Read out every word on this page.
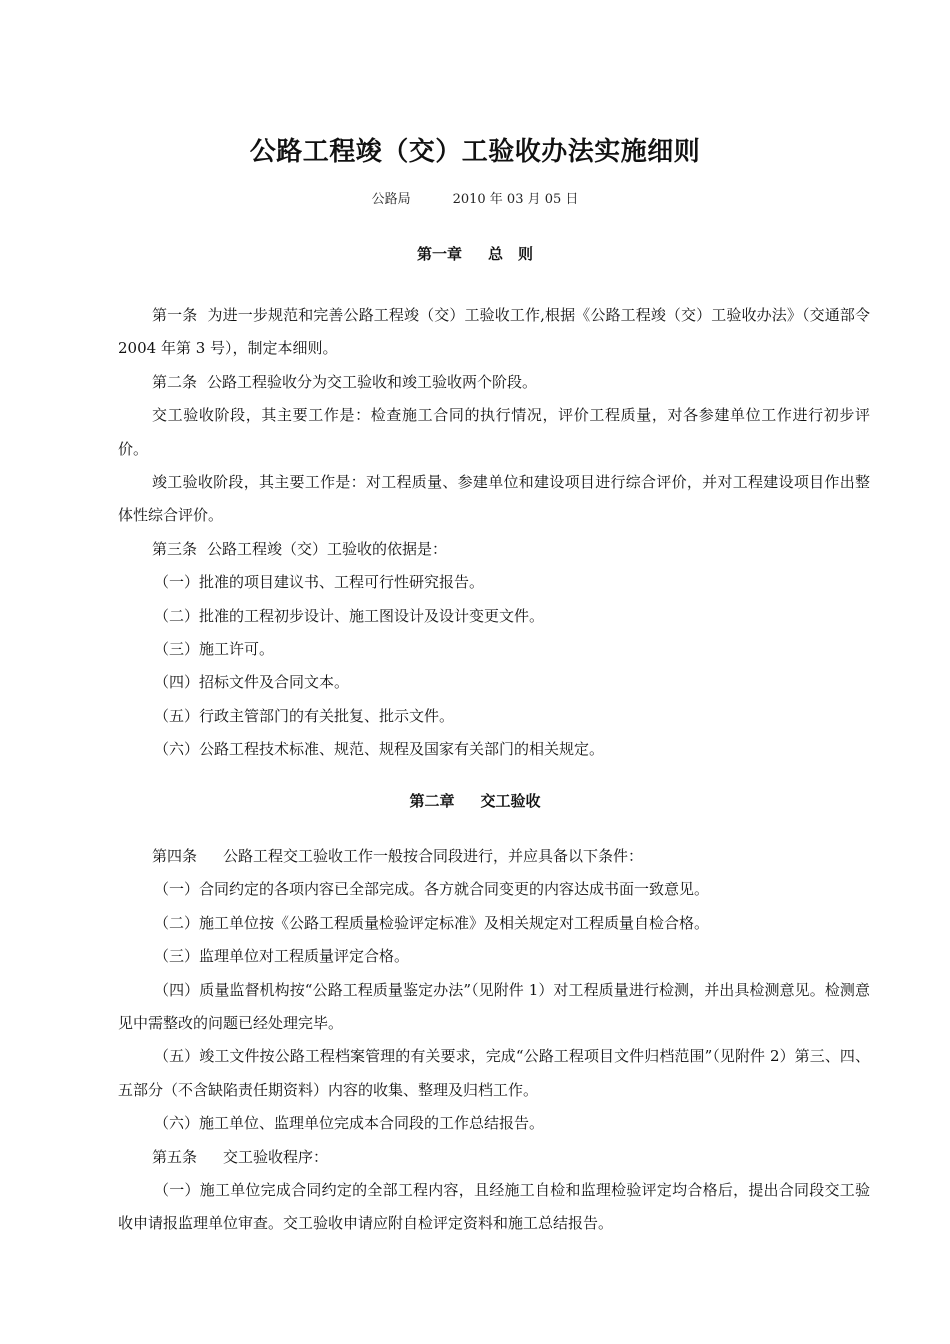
公路工程竣（交）工验收办法实施细则
公路局	2010 年 03 月 05 日
第一章 总　则

第一条 为进一步规范和完善公路工程竣（交）工验收工作,根据《公路工程竣（交）工验收办法》（交通部令 2004 年第 3 号），制定本细则。

第二条 公路工程验收分为交工验收和竣工验收两个阶段。

交工验收阶段，其主要工作是：检查施工合同的执行情况，评价工程质量，对各参建单位工作进行初步评价。

竣工验收阶段，其主要工作是：对工程质量、参建单位和建设项目进行综合评价，并对工程建设项目作出整体性综合评价。

第三条 公路工程竣（交）工验收的依据是：

（一）批准的项目建议书、工程可行性研究报告。

（二）批准的工程初步设计、施工图设计及设计变更文件。

（三）施工许可。

（四）招标文件及合同文本。

（五）行政主管部门的有关批复、批示文件。

（六）公路工程技术标准、规范、规程及国家有关部门的相关规定。

第二章 交工验收

第四条 公路工程交工验收工作一般按合同段进行，并应具备以下条件：

（一）合同约定的各项内容已全部完成。各方就合同变更的内容达成书面一致意见。

（二）施工单位按《公路工程质量检验评定标准》及相关规定对工程质量自检合格。

（三）监理单位对工程质量评定合格。

（四）质量监督机构按“公路工程质量鉴定办法”（见附件 1）对工程质量进行检测，并出具检测意见。检测意见中需整改的问题已经处理完毕。

（五）竣工文件按公路工程档案管理的有关要求，完成“公路工程项目文件归档范围”（见附件 2）第三、四、五部分（不含缺陷责任期资料）内容的收集、整理及归档工作。

（六）施工单位、监理单位完成本合同段的工作总结报告。

第五条 交工验收程序：

（一）施工单位完成合同约定的全部工程内容，且经施工自检和监理检验评定均合格后，提出合同段交工验收申请报监理单位审查。交工验收申请应附自检评定资料和施工总结报告。
